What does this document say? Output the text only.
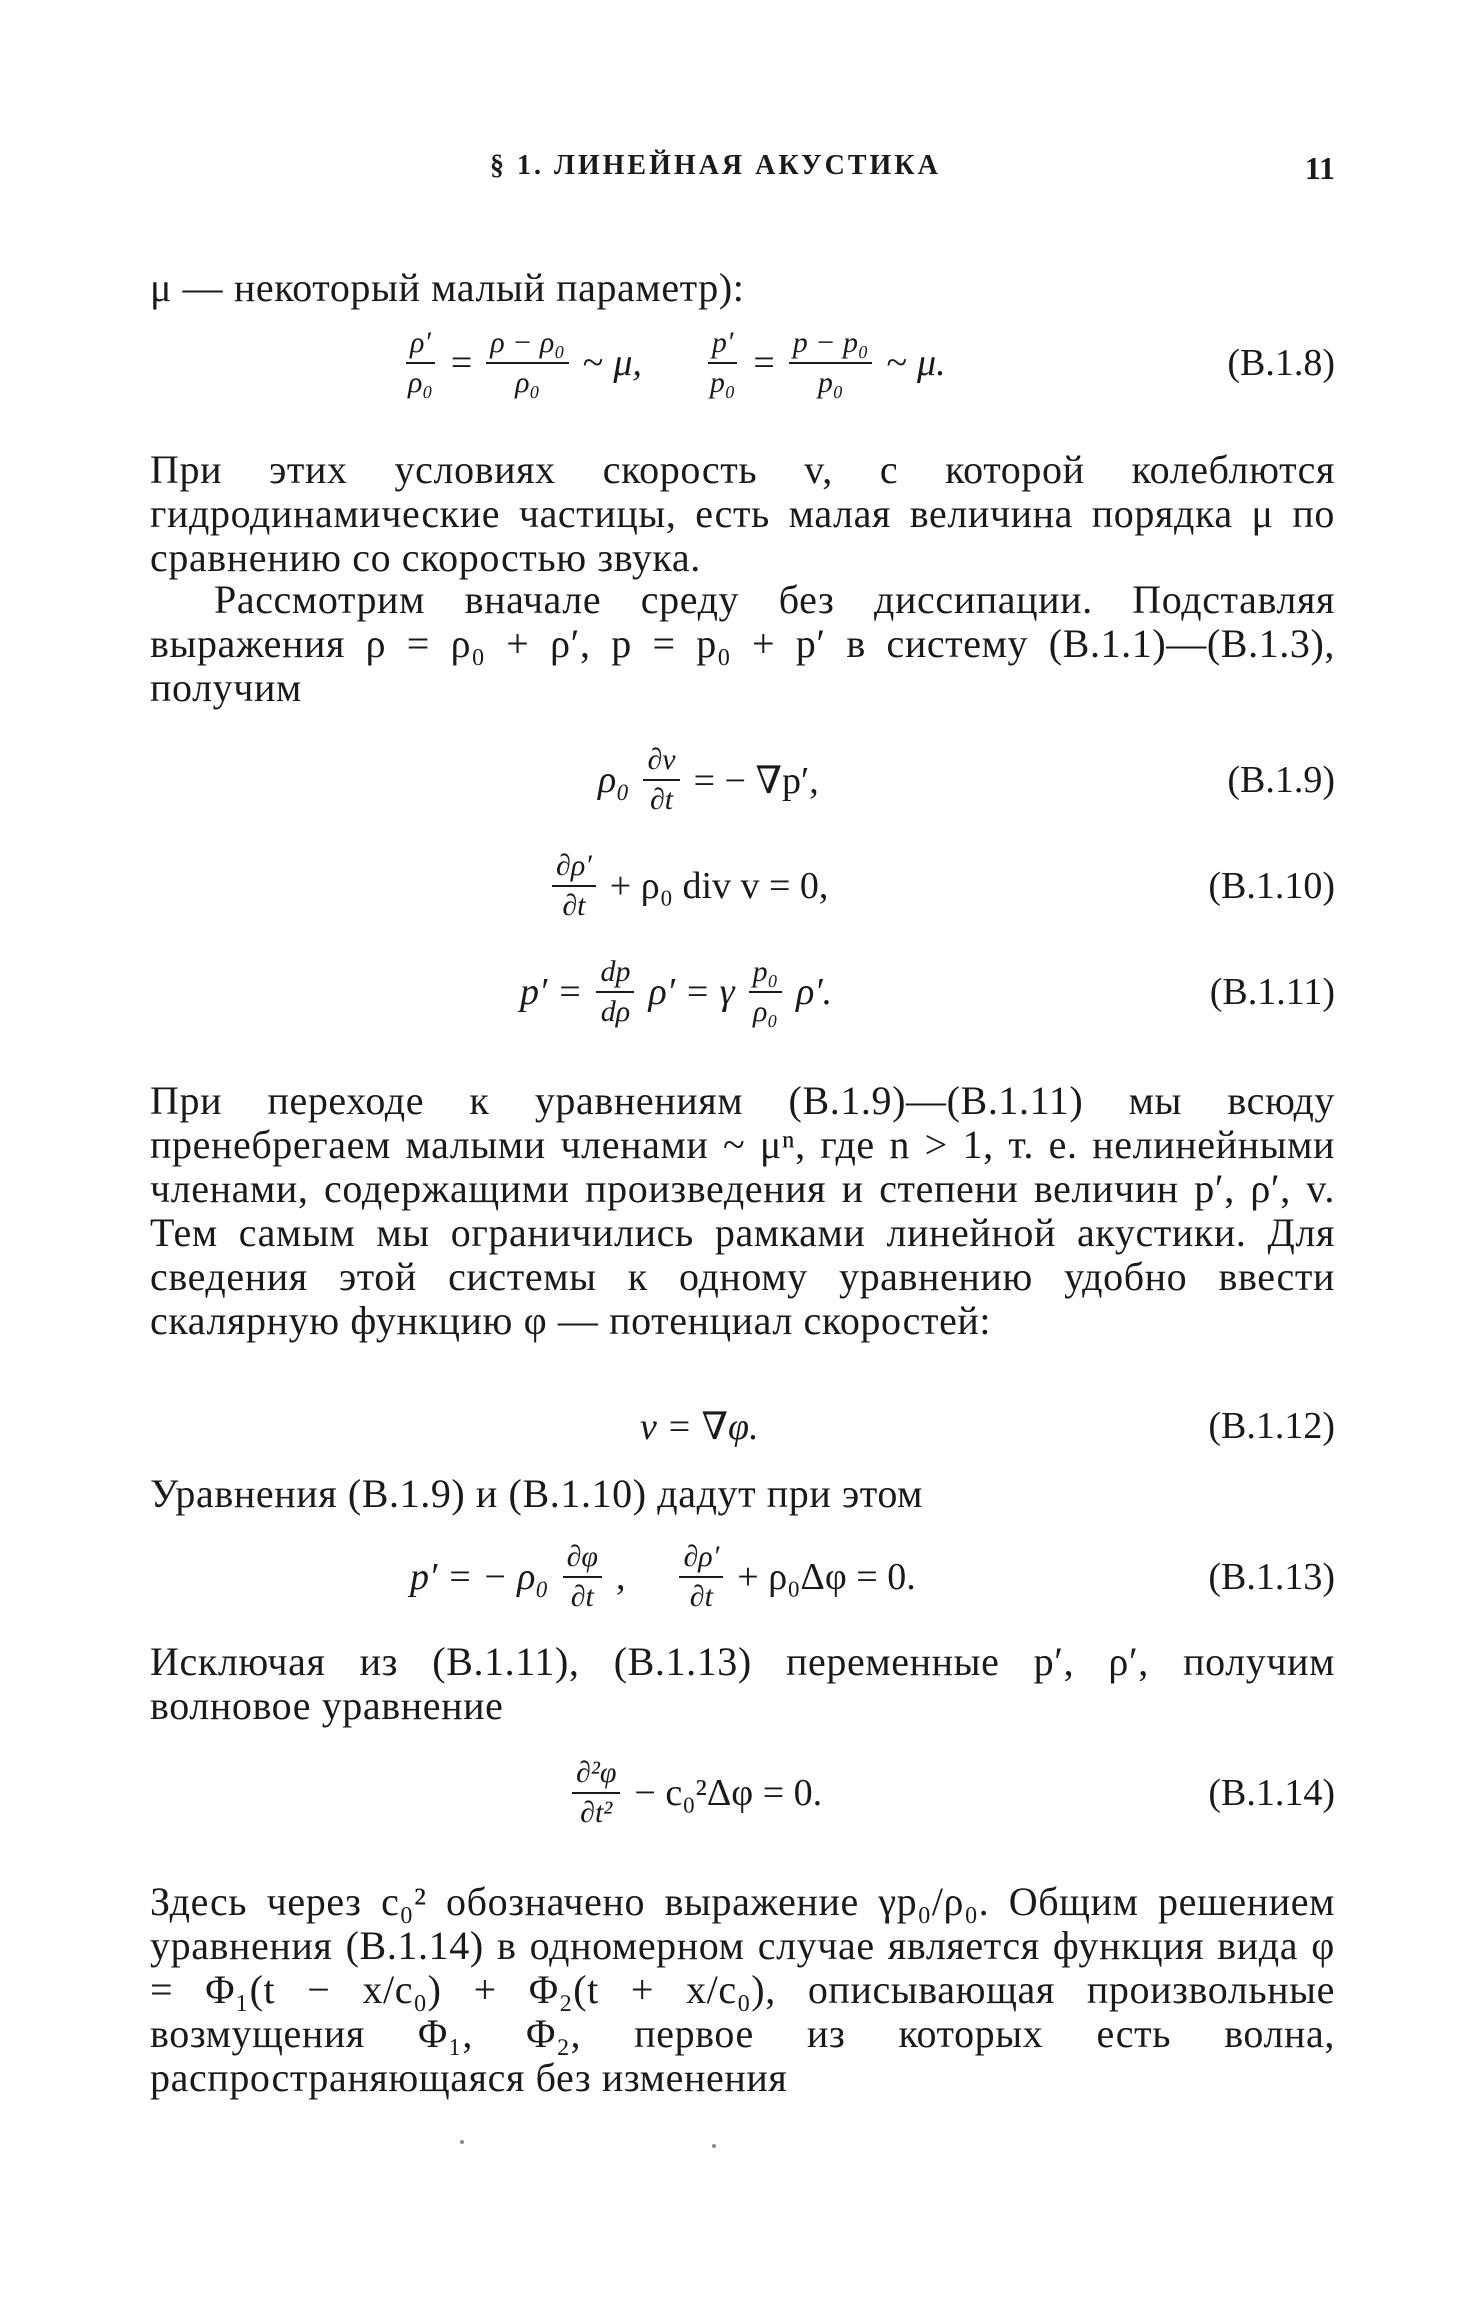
§ 1. ЛИНЕЙНАЯ АКУСТИКА	11
μ — некоторый малый параметр):
$\frac{\rho'}{\text{ρ₀}} = \frac{\text{ρ − ρ₀}}{\text{ρ₀}}$ ~ μ, $\frac{p'}{\text{p₀}} = \frac{\text{p − p₀}}{\text{p₀}}$ ~ μ.	(В.1.8)
При этих условиях скорость v, с которой колеблются гидродинамические частицы, есть малая величина порядка μ по сравнению со скоростью звука.
Рассмотрим вначале среду без диссипации. Подставляя выражения ρ = ρ₀ + ρ′, p = p₀ + p′ в систему (В.1.1)—(В.1.3), получим
$\rho_0 \frac{\partial v}{\partial t}$ = − ∇p′,	(В.1.9)
$\frac{\partial\rho'}{\partial t} + \rho_0$ div v = 0,	(В.1.10)
$p' = \frac{dp}{d\rho} \rho' = \gamma \frac{\text{p₀}}{\text{ρ₀}} \rho'$.	(В.1.11)
При переходе к уравнениям (В.1.9)—(В.1.11) мы всюду пренебрегаем малыми членами ~ μⁿ, где n > 1, т. е. нелинейными членами, содержащими произведения и степени величин p′, ρ′, v. Тем самым мы ограничились рамками линейной акустики. Для сведения этой системы к одному уравнению удобно ввести скалярную функцию φ — потенциал скоростей:
v = ∇φ.	(В.1.12)
Уравнения (В.1.9) и (В.1.10) дадут при этом
p′ = − $\rho_0 \frac{\partial\varphi}{\partial t}$ , $\frac{\partial\rho'}{\partial t} + \rho_0\Delta\varphi = 0$.	(В.1.13)
Исключая из (В.1.11), (В.1.13) переменные p′, ρ′, получим волновое уравнение
$\frac{\text{∂²φ}}{\text{∂t²}} - c_0^2\Delta\varphi = 0$.	(В.1.14)
Здесь через c₀² обозначено выражение γp₀/ρ₀. Общим решением уравнения (В.1.14) в одномерном случае является функция вида φ = Φ₁(t − x/c₀) + Φ₂(t + x/c₀), описывающая произвольные возмущения Φ₁, Φ₂, первое из которых есть волна, распространяющаяся без изменения
